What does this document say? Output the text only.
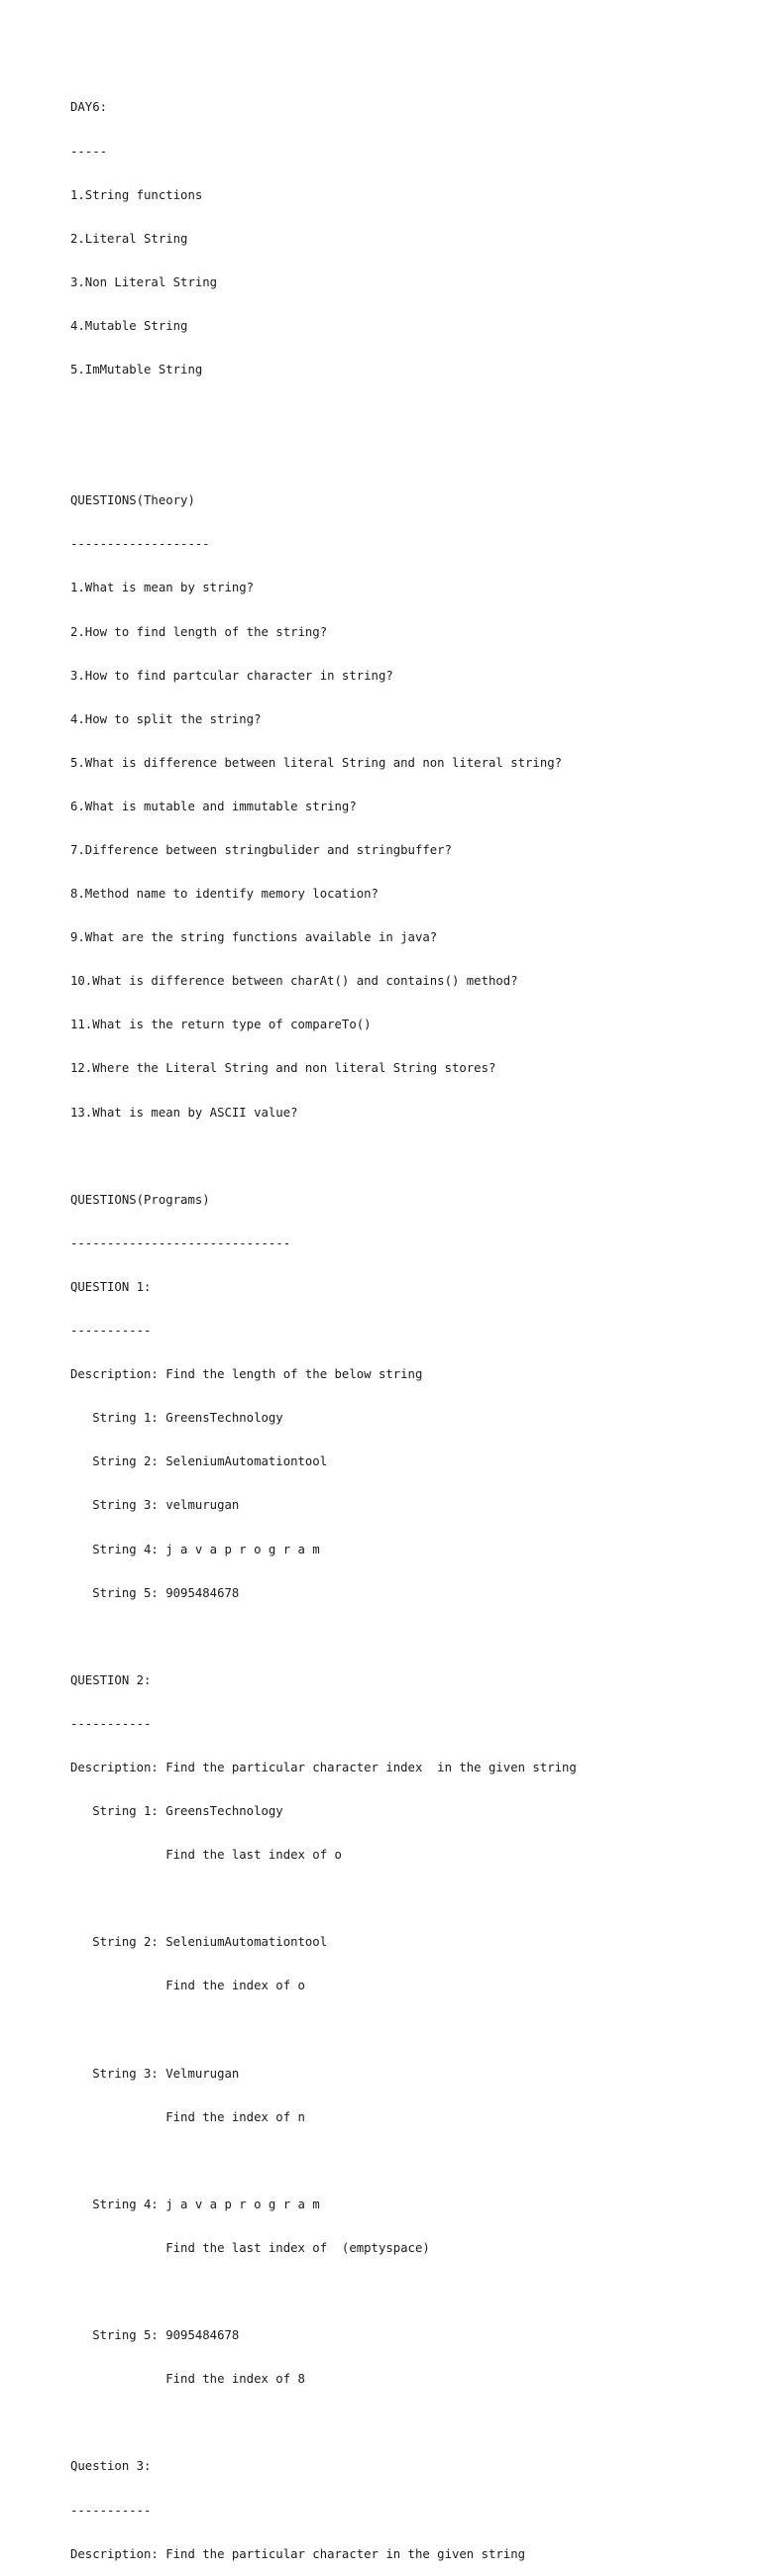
DAY6:

-----

1.String functions

2.Literal String

3.Non Literal String

4.Mutable String

5.ImMutable String

QUESTIONS(Theory)

-------------------

1.What is mean by string?

2.How to find length of the string?

3.How to find partcular character in string?

4.How to split the string?

5.What is difference between literal String and non literal string?

6.What is mutable and immutable string?

7.Difference between stringbulider and stringbuffer?

8.Method name to identify memory location?

9.What are the string functions available in java?

10.What is difference between charAt() and contains() method?

11.What is the return type of compareTo()

12.Where the Literal String and non literal String stores?

13.What is mean by ASCII value?

QUESTIONS(Programs)

------------------------------

QUESTION 1:

-----------

Description: Find the length of the below string

String 1: GreensTechnology

String 2: SeleniumAutomationtool

String 3: velmurugan

String 4: j a v a p r o g r a m

String 5: 9095484678

QUESTION 2:

-----------

Description: Find the particular character index  in the given string

String 1: GreensTechnology

Find the last index of o

String 2: SeleniumAutomationtool

Find the index of o

String 3: Velmurugan

Find the index of n

String 4: j a v a p r o g r a m

Find the last index of  (emptyspace)

String 5: 9095484678

Find the index of 8

Question 3:

-----------

Description: Find the particular character in the given string
